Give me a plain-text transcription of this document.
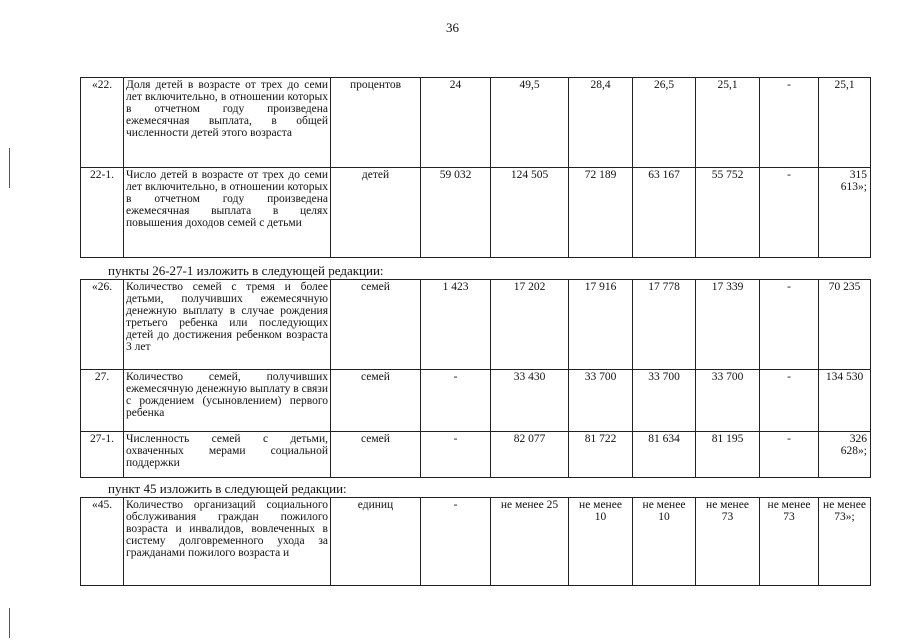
36
«22.	Доля детей в возрасте от трех до семи лет включительно, в отношении которых в отчетном году произведена ежемесячная выплата, в общей численности детей этого возраста	процентов	24	49,5	28,4	26,5	25,1	-	25,1
22-1.	Число детей в возрасте от трех до семи лет включительно, в отношении которых в отчетном году произведена ежемесячная выплата в целях повышения доходов семей с детьми	детей	59 032	124 505	72 189	63 167	55 752	-	315 613»;
пункты 26-27-1 изложить в следующей редакции:
«26.	Количество семей с тремя и более детьми, получивших ежемесячную денежную выплату в случае рождения третьего ребенка или последующих детей до достижения ребенком возраста 3 лет	семей	1 423	17 202	17 916	17 778	17 339	-	70 235
27.	Количество семей, получивших ежемесячную денежную выплату в связи с рождением (усыновлением) первого ребенка	семей	-	33 430	33 700	33 700	33 700	-	134 530
27-1.	Численность семей с детьми, охваченных мерами социальной поддержки	семей	-	82 077	81 722	81 634	81 195	-	326 628»;
пункт 45 изложить в следующей редакции:
«45.	Количество организаций социального обслуживания граждан пожилого возраста и инвалидов, вовлеченных в систему долговременного ухода за гражданами пожилого возраста и	единиц	-	не менее 25	не менее 10	не менее 10	не менее 73	не менее 73	не менее 73»;
